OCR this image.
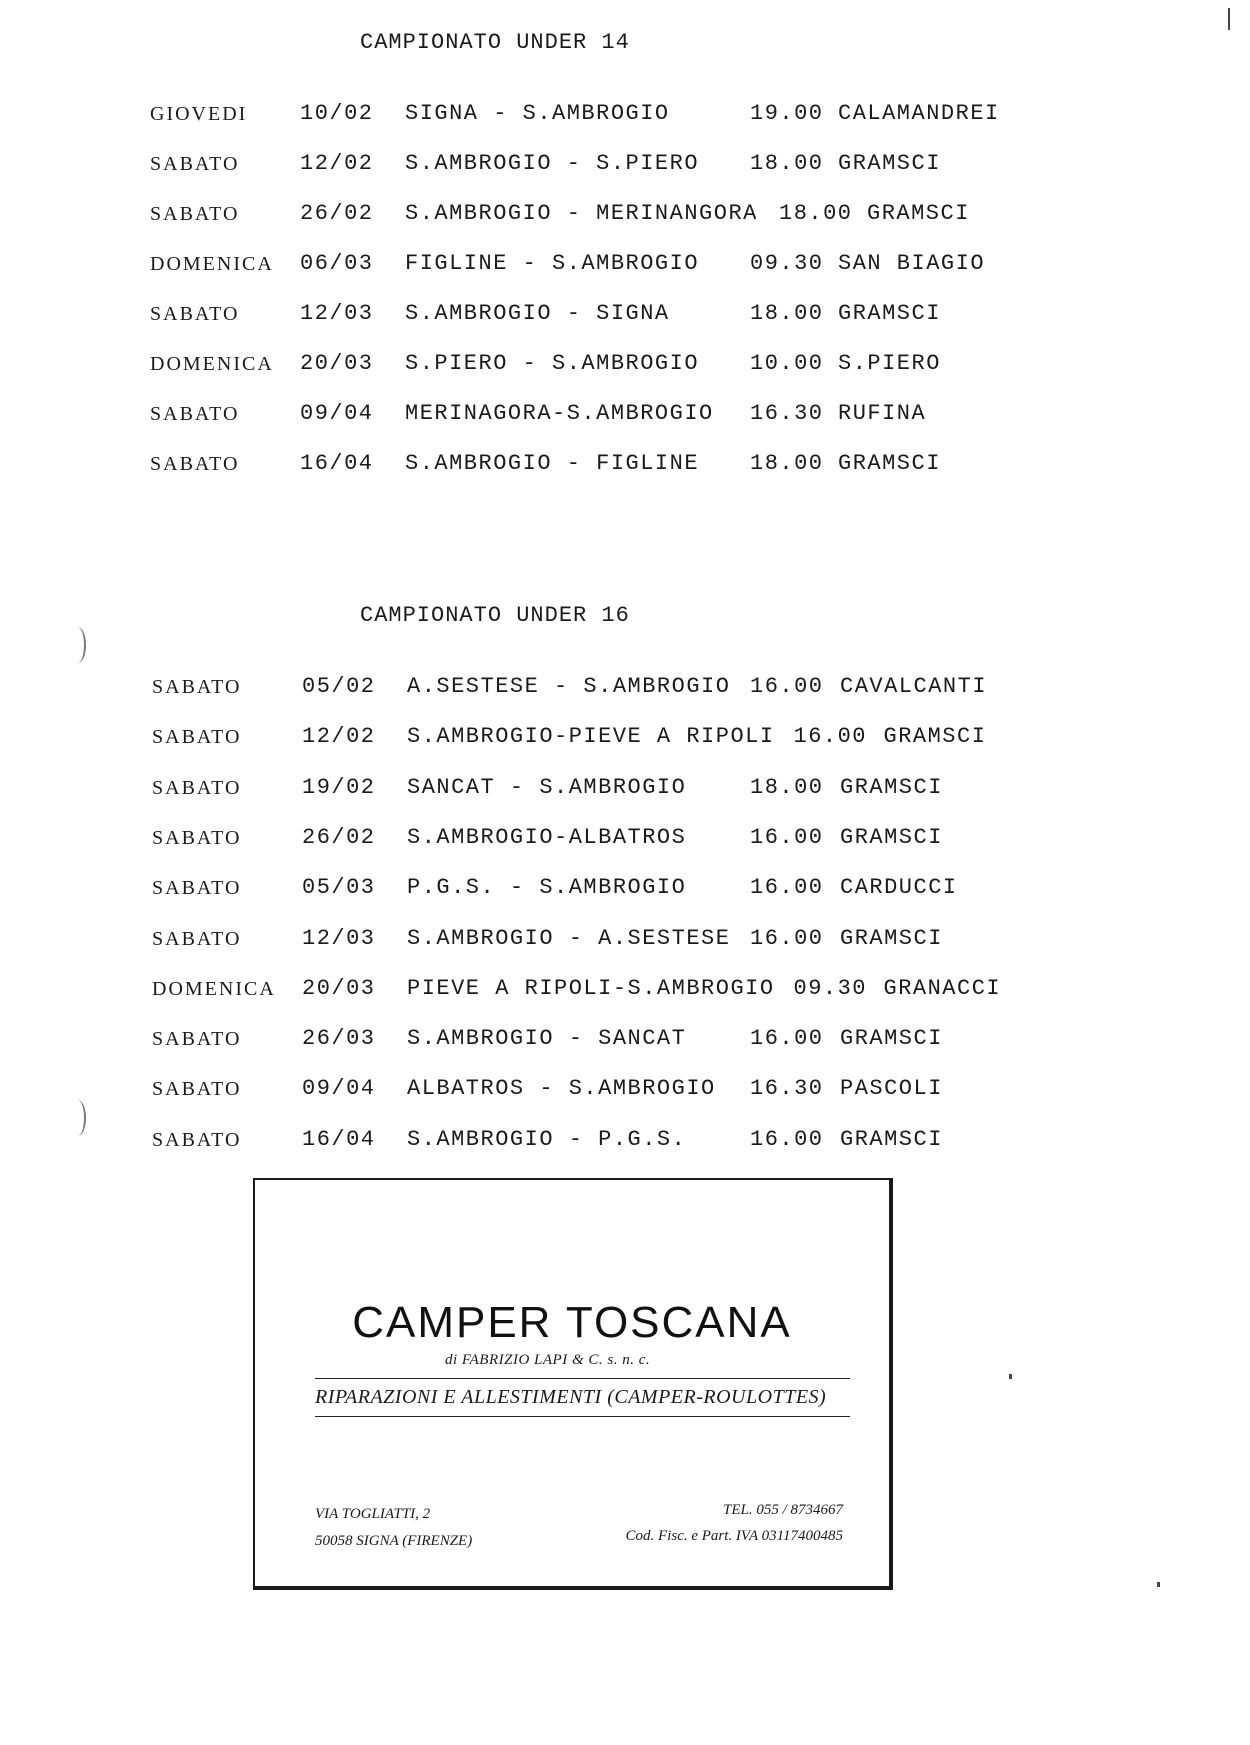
CAMPIONATO UNDER 14
GIOVEDI 10/02 SIGNA - S.AMBROGIO	19.00 CALAMANDREI
SABATO	12/02 S.AMBROGIO - S.PIERO 18.00 GRAMSCI
SABATO	26/02 S.AMBROGIO - MERINANGORA 18.00 GRAMSCI
DOMENICA 06/03 FIGLINE - S.AMBROGIO 09.30 SAN BIAGIO
SABATO	12/03 S.AMBROGIO - SIGNA	18.00 GRAMSCI
DOMENICA 20/03 S.PIERO - S.AMBROGIO 10.00 S.PIERO
SABATO	09/04 MERINAGORA-S.AMBROGIO 16.30 RUFINA
SABATO	16/04 S.AMBROGIO - FIGLINE 18.00 GRAMSCI
CAMPIONATO UNDER 16
SABATO	05/02 A.SESTESE - S.AMBROGIO 16.00 CAVALCANTI
SABATO	12/02 S.AMBROGIO-PIEVE A RIPOLI 16.00 GRAMSCI
SABATO	19/02 SANCAT - S.AMBROGIO	18.00 GRAMSCI
SABATO	26/02 S.AMBROGIO-ALBATROS	16.00 GRAMSCI
SABATO	05/03 P.G.S. - S.AMBROGIO	16.00 CARDUCCI
SABATO	12/03 S.AMBROGIO - A.SESTESE 16.00 GRAMSCI
DOMENICA 20/03 PIEVE A RIPOLI-S.AMBROGIO 09.30 GRANACCI
SABATO	26/03 S.AMBROGIO - SANCAT	16.00 GRAMSCI
SABATO	09/04 ALBATROS - S.AMBROGIO 16.30 PASCOLI
SABATO	16/04 S.AMBROGIO - P.G.S.	16.00 GRAMSCI
CAMPER TOSCANA
di FABRIZIO LAPI & C. s. n. c.
RIPARAZIONI E ALLESTIMENTI (CAMPER-ROULOTTES)
VIA TOGLIATTI, 2
50058 SIGNA (FIRENZE)
TEL. 055 / 8734667
Cod. Fisc. e Part. IVA 03117400485
